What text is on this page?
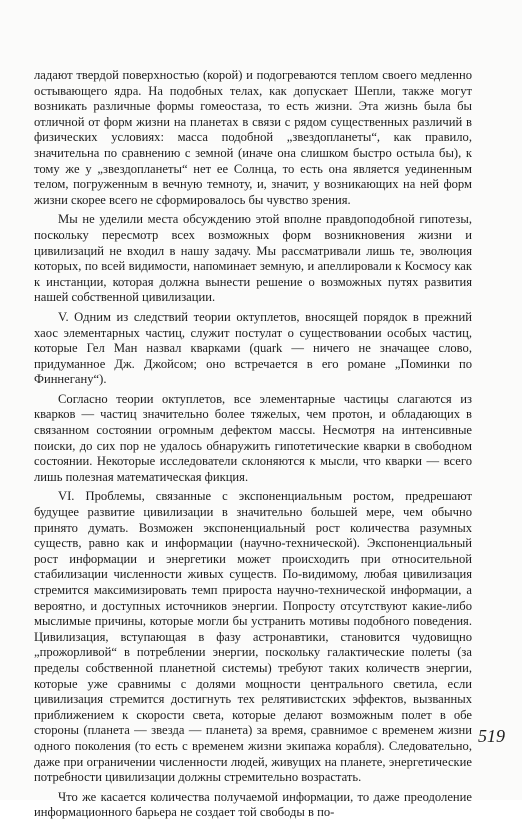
ладают твердой поверхностью (корой) и подогреваются теплом своего медленно остывающего ядра. На подобных телах, как допускает Шепли, также могут возникать различные формы гомеостаза, то есть жизни. Эта жизнь была бы отличной от форм жизни на планетах в связи с рядом существенных различий в физических условиях: масса подобной „звездопланеты“, как правило, значительна по сравнению с земной (иначе она слишком быстро остыла бы), к тому же у „звездопланеты“ нет ее Солнца, то есть она является уединенным телом, погруженным в вечную темноту, и, значит, у возникающих на ней форм жизни скорее всего не сформировалось бы чувство зрения.

Мы не уделили места обсуждению этой вполне правдоподобной гипотезы, поскольку пересмотр всех возможных форм возникновения жизни и цивилизаций не входил в нашу задачу. Мы рассматривали лишь те, эволюция которых, по всей видимости, напоминает земную, и апеллировали к Космосу как к инстанции, которая должна вынести решение о возможных путях развития нашей собственной цивилизации.

V. Одним из следствий теории октуплетов, вносящей порядок в прежний хаос элементарных частиц, служит постулат о существовании особых частиц, которые Гел Ман назвал кварками (quark — ничего не значащее слово, придуманное Дж. Джойсом; оно встречается в его романе „Поминки по Финнегану“).

Согласно теории октуплетов, все элементарные частицы слагаются из кварков — частиц значительно более тяжелых, чем протон, и обладающих в связанном состоянии огромным дефектом массы. Несмотря на интенсивные поиски, до сих пор не удалось обнаружить гипотетические кварки в свободном состоянии. Некоторые исследователи склоняются к мысли, что кварки — всего лишь полезная математическая фикция.

VI. Проблемы, связанные с экспоненциальным ростом, предрешают будущее развитие цивилизации в значительно большей мере, чем обычно принято думать. Возможен экспоненциальный рост количества разумных существ, равно как и информации (научно-технической). Экспоненциальный рост информации и энергетики может происходить при относительной стабилизации численности живых существ. По-видимому, любая цивилизация стремится максимизировать темп прироста научно-технической информации, а вероятно, и доступных источников энергии. Попросту отсутствуют какие-либо мыслимые причины, которые могли бы устранить мотивы подобного поведения. Цивилизация, вступающая в фазу астронавтики, становится чудовищно „прожорливой“ в потреблении энергии, поскольку галактические полеты (за пределы собственной планетной системы) требуют таких количеств энергии, которые уже сравнимы с долями мощности центрального светила, если цивилизация стремится достигнуть тех релятивистских эффектов, вызванных приближением к скорости света, которые делают возможным полет в обе стороны (планета — звезда — планета) за время, сравнимое с временем жизни одного поколения (то есть с временем жизни экипажа корабля). Следовательно, даже при ограничении численности людей, живущих на планете, энергетические потребности цивилизации должны стремительно возрастать.

Что же касается количества получаемой информации, то даже преодоление информационного барьера не создает той свободы в по-

519
